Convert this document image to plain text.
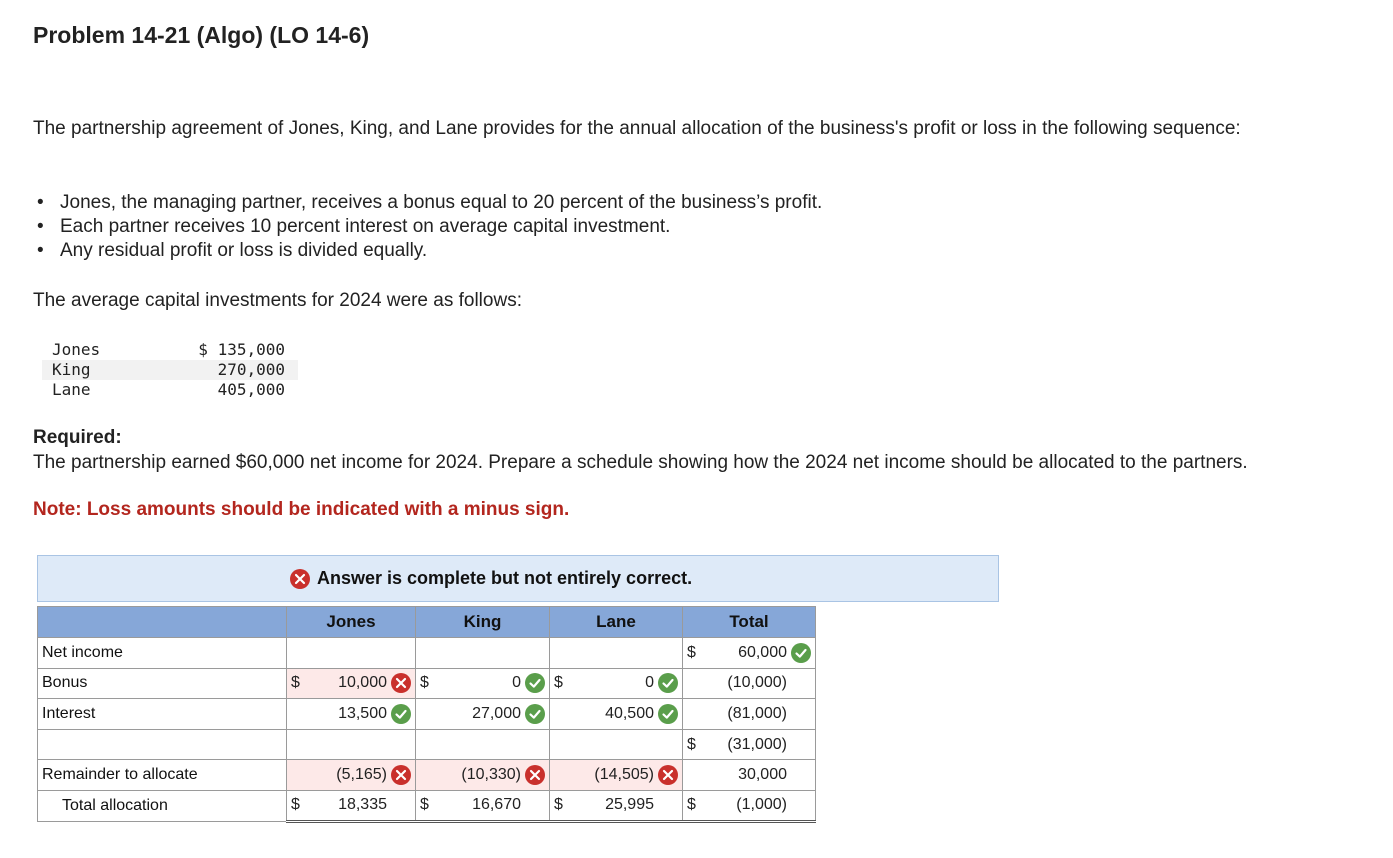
Problem 14-21 (Algo) (LO 14-6)
The partnership agreement of Jones, King, and Lane provides for the annual allocation of the business's profit or loss in the following sequence:
• Jones, the managing partner, receives a bonus equal to 20 percent of the business’s profit.
• Each partner receives 10 percent interest on average capital investment.
• Any residual profit or loss is divided equally.
The average capital investments for 2024 were as follows:
Jones	$ 135,000
King	270,000
Lane	405,000
Required:
The partnership earned $60,000 net income for 2024. Prepare a schedule showing how the 2024 net income should be allocated to the partners.
Note: Loss amounts should be indicated with a minus sign.
Answer is complete but not entirely correct.
	Jones	King	Lane	Total
Net income				$ 60,000

Bonus	$ 10,000	$ 0	$ 0	(10,000)

Interest	13,500	27,000	40,500	(81,000)

				$ (31,000)

Remainder to allocate	(5,165)	(10,330)	(14,505)	30,000

Total allocation	$ 18,335	$ 16,670	$ 25,995	$ (1,000)
